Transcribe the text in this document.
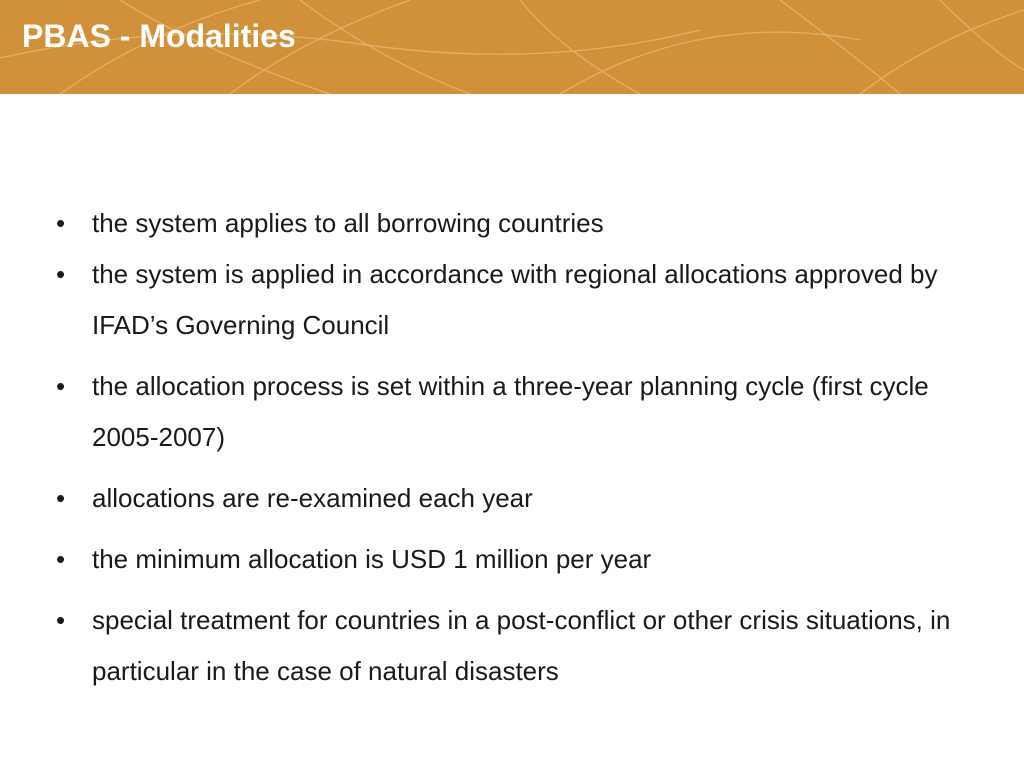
PBAS - Modalities
• the system applies to all borrowing countries
• the system is applied in accordance with regional allocations approved by IFAD’s Governing Council
• the allocation process is set within a three-year planning cycle (first cycle 2005-2007)
• allocations are re-examined each year
• the minimum allocation is USD 1 million per year
• special treatment for countries in a post-conflict or other crisis situations, in particular in the case of natural disasters
